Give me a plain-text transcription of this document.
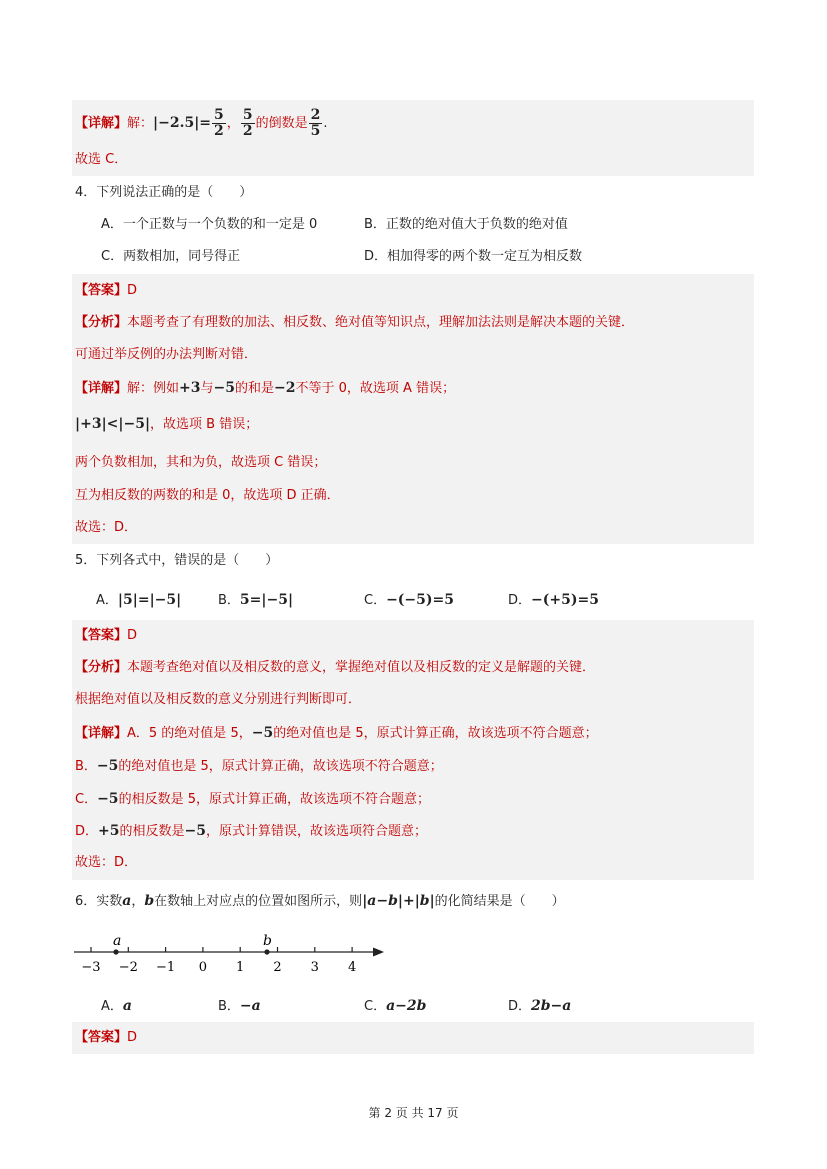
【详解】解：$|-2.5|= \frac{5}{2}$ ， $\frac{5}{2}$ 的倒数是 $\frac{2}{5}$ .
故选 C．
4．下列说法正确的是（　　）
A．一个正数与一个负数的和一定是 0	B．正数的绝对值大于负数的绝对值
C．两数相加，同号得正	D．相加得零的两个数一定互为相反数
【答案】D
【分析】本题考查了有理数的加法、相反数、绝对值等知识点，理解加法法则是解决本题的关键．
可通过举反例的办法判断对错．
【详解】解：例如+3与−5的和是−2不等于 0，故选项 A 错误；
|+3|<|−5|，故选项 B 错误；
两个负数相加，其和为负，故选项 C 错误；
互为相反数的两数的和是 0，故选项 D 正确．
故选：D．
5．下列各式中，错误的是（　　）
A．|5|=|−5|	B．5=|−5|	C．−(−5)=5	D．−(+5)=5
【答案】D
【分析】本题考查绝对值以及相反数的意义，掌握绝对值以及相反数的定义是解题的关键．
根据绝对值以及相反数的意义分别进行判断即可．
【详解】A．5 的绝对值是 5，−5的绝对值也是 5，原式计算正确，故该选项不符合题意；
B．−5的绝对值也是 5，原式计算正确，故该选项不符合题意；
C．−5的相反数是 5，原式计算正确，故该选项不符合题意；
D．+5的相反数是−5，原式计算错误，故该选项符合题意；
故选：D．
6．实数a，b在数轴上对应点的位置如图所示，则|a−b|+|b|的化简结果是（　　）
−3 −2 −1 0 1 2 3 4
a	b
A．a	B．−a	C．a−2b	D．2b−a
【答案】D
第 2 页 共 17 页
